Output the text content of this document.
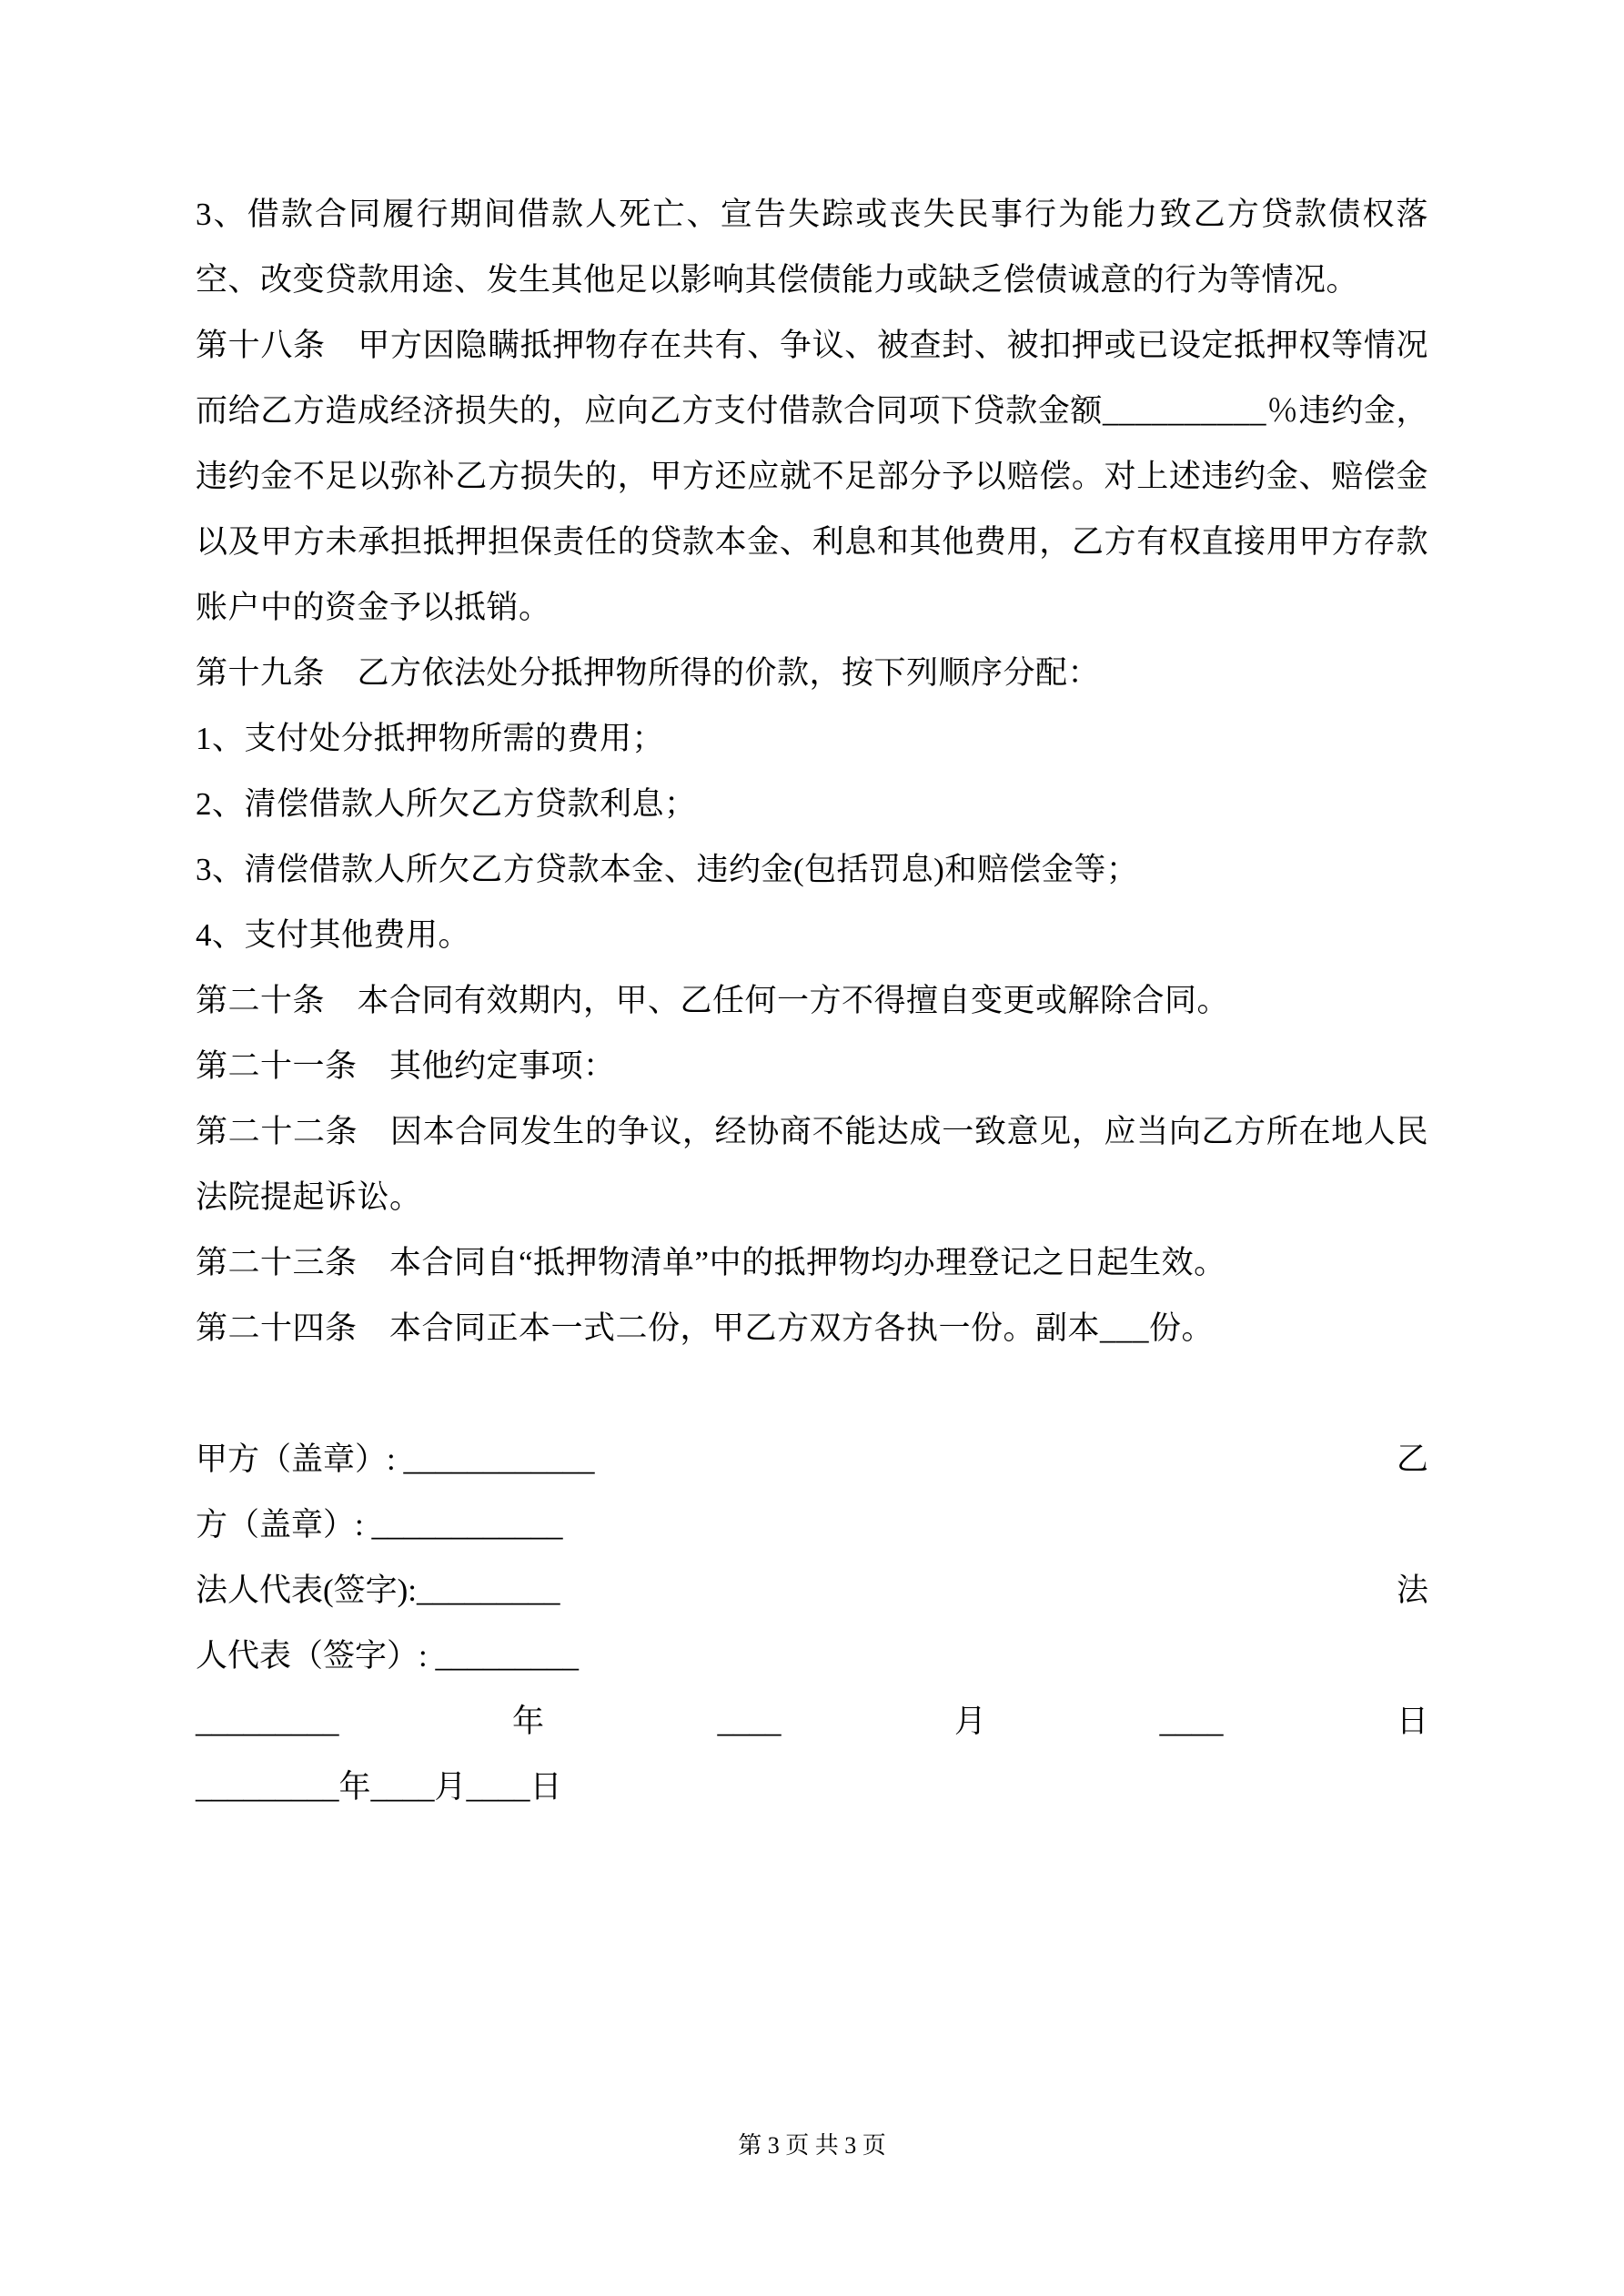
3、借款合同履行期间借款人死亡、宣告失踪或丧失民事行为能力致乙方贷款债权落空、改变贷款用途、发生其他足以影响其偿债能力或缺乏偿债诚意的行为等情况。

第十八条　甲方因隐瞒抵押物存在共有、争议、被查封、被扣押或已设定抵押权等情况而给乙方造成经济损失的，应向乙方支付借款合同项下贷款金额__________％违约金，违约金不足以弥补乙方损失的，甲方还应就不足部分予以赔偿。对上述违约金、赔偿金以及甲方未承担抵押担保责任的贷款本金、利息和其他费用，乙方有权直接用甲方存款账户中的资金予以抵销。

第十九条　乙方依法处分抵押物所得的价款，按下列顺序分配：

1、支付处分抵押物所需的费用；

2、清偿借款人所欠乙方贷款利息；

3、清偿借款人所欠乙方贷款本金、违约金(包括罚息)和赔偿金等；

4、支付其他费用。

第二十条　本合同有效期内，甲、乙任何一方不得擅自变更或解除合同。

第二十一条　其他约定事项：

第二十二条　因本合同发生的争议，经协商不能达成一致意见，应当向乙方所在地人民法院提起诉讼。

第二十三条　本合同自“抵押物清单”中的抵押物均办理登记之日起生效。

第二十四条　本合同正本一式二份，甲乙方双方各执一份。副本___份。

甲方（盖章）: ____________	乙
方（盖章）: ____________
法人代表(签字):_________	法
人代表（签字）: _________
_________	年	____	月	____	日
_________年____月____日
第 3 页 共 3 页
